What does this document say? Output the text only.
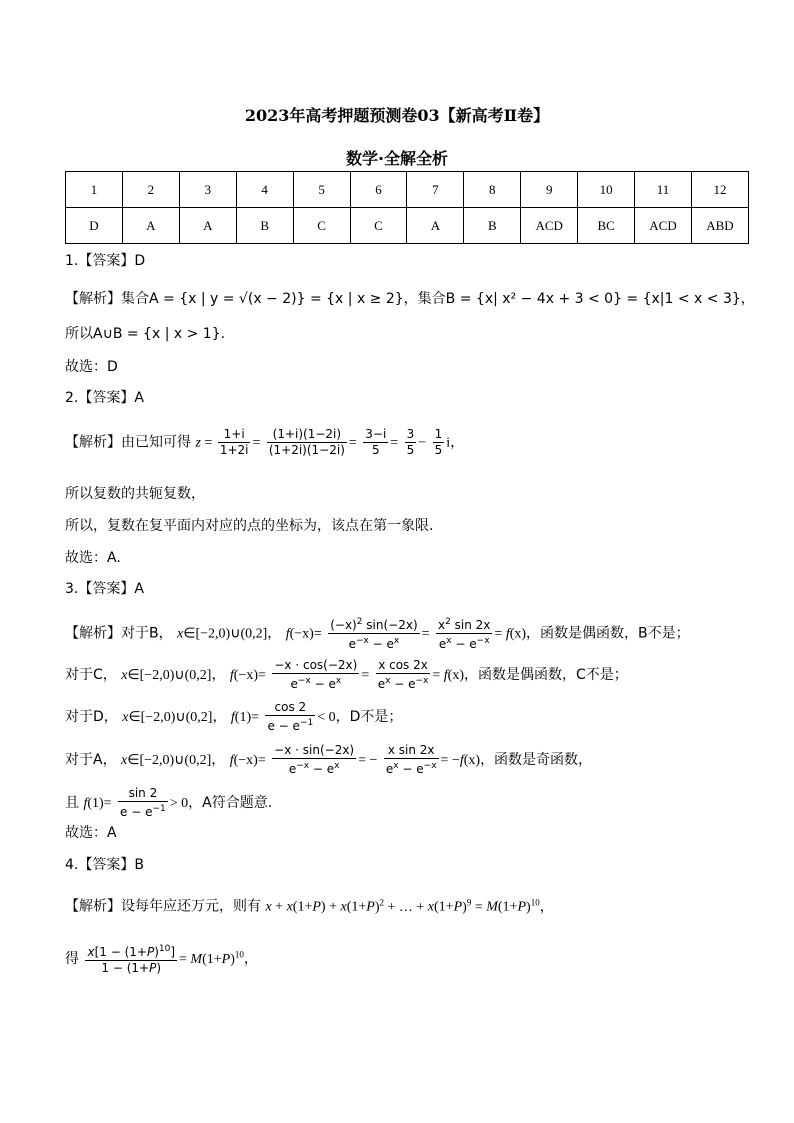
2023年高考押题预测卷03【新高考Ⅱ卷】
数学·全解全析
1	2	3	4	5	6	7	8	9	10	11	12
D	A	A	B	C	C	A	B	ACD	BC	ACD	ABD
1.【答案】D
【解析】集合A = {x | y = √(x − 2)} = {x | x ≥ 2}，集合B = {x| x² − 4x + 3 < 0} = {x|1 < x < 3}，
所以A∪B = {x | x > 1}.
故选：D
2.【答案】A
【解析】由已知可得 $z = \frac{1+i}{1+2i} = \frac{(1+i)(1-2i)}{(1+2i)(1-2i)} = \frac{3-i}{5} = \frac{3}{5} - \frac{1}{5}$ i，
所以复数的共轭复数，
所以，复数在复平面内对应的点的坐标为，该点在第一象限.
故选：A.
3.【答案】A
【解析】对于B， x∈[−2,0)∪(0,2]， $f(-x)= \frac{(-x)^2 \sin(-2x)}{e^{-x} - e^x} = \frac{x^2 \sin 2x}{e^x - e^{-x}} = f(x)$，函数是偶函数，B不是；
对于C， x∈[−2,0)∪(0,2]， $f(-x)= \frac{-x \cdot \cos(-2x)}{e^{-x} - e^x} = \frac{\text{x cos 2x}}{e^x - e^{-x}} = f(x)$，函数是偶函数，C不是；
对于D， x∈[−2,0)∪(0,2]， $f(1)= \frac{\cos 2}{e - e^{-1}} < 0$，D不是；
对于A， x∈[−2,0)∪(0,2]， $f(-x)= \frac{-x \cdot \sin(-2x)}{e^{-x} - e^x}$ = − $\frac{\text{x sin 2x}}{e^x - e^{-x}} = -f(x)$，函数是奇函数，
且 $f(1)= \frac{\sin 2}{e - e^{-1}} > 0$，A符合题意.
故选：A
4.【答案】B
【解析】设每年应还万元，则有 $x + x(1+P) + x(1+P)^2$ + … + $x(1+P)^9 = M(1+P)^{10}$，
得 $\frac{x[1 - (1+P)^{10}]}{1 - (1+P)} = M(1+P)^{10}$，
